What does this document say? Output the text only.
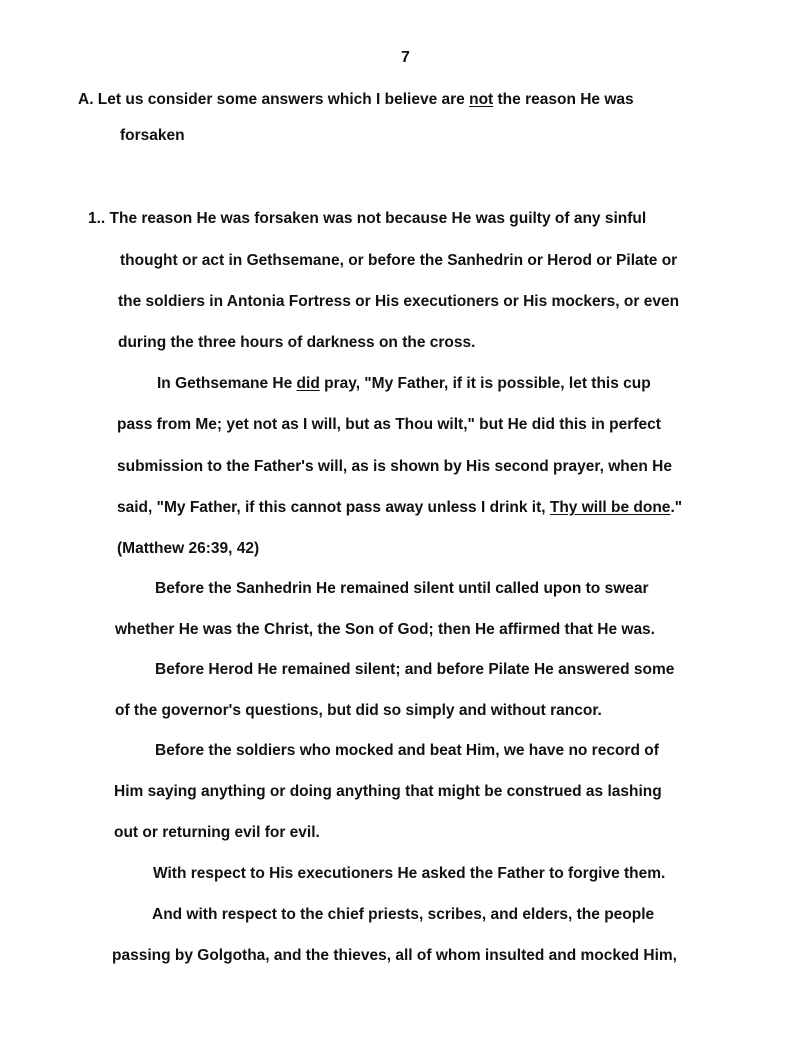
7
A. Let us consider some answers which I believe are not the reason He was
forsaken
1.. The reason He was forsaken was not because He was guilty of any sinful
thought or act in Gethsemane, or before the Sanhedrin or Herod or Pilate or
the soldiers in Antonia Fortress or His executioners or His mockers, or even
during the three hours of darkness on the cross.
In Gethsemane He did pray, "My Father, if it is possible, let this cup
pass from Me; yet not as I will, but as Thou wilt," but He did this in perfect
submission to the Father's will, as is shown by His second prayer, when He
said, "My Father, if this cannot pass away unless I drink it, Thy will be done."
(Matthew 26:39, 42)
Before the Sanhedrin He remained silent until called upon to swear
whether He was the Christ, the Son of God; then He affirmed that He was.
Before Herod He remained silent; and before Pilate He answered some
of the governor's questions, but did so simply and without rancor.
Before the soldiers who mocked and beat Him, we have no record of
Him saying anything or doing anything that might be construed as lashing
out or returning evil for evil.
With respect to His executioners He asked the Father to forgive them.
And with respect to the chief priests, scribes, and elders, the people
passing by Golgotha, and the thieves, all of whom insulted and mocked Him,
